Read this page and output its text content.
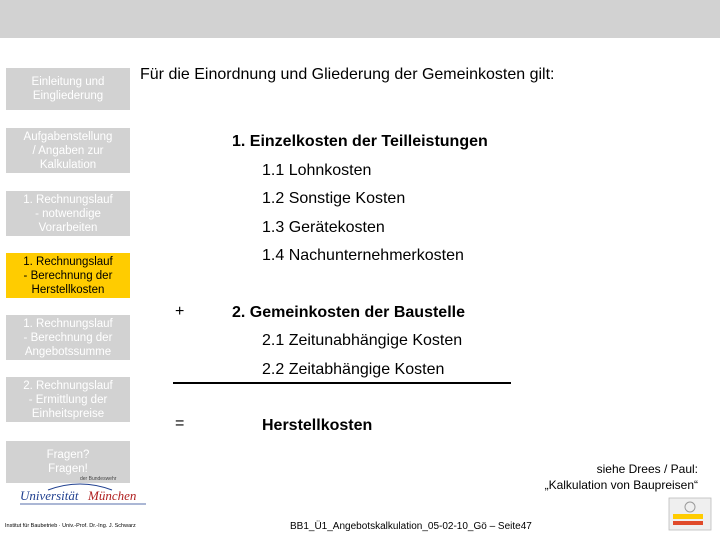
Einleitung und
Eingliederung
Aufgabenstellung
/ Angaben zur
Kalkulation
1. Rechnungslauf
- notwendige
Vorarbeiten
1. Rechnungslauf
- Berechnung der
Herstellkosten
1. Rechnungslauf
- Berechnung der
Angebotssumme
2. Rechnungslauf
- Ermittlung der
Einheitspreise
Fragen?
Fragen!
Für die Einordnung und Gliederung der Gemeinkosten gilt:
1. Einzelkosten der Teilleistungen
1.1 Lohnkosten
1.2 Sonstige Kosten
1.3 Gerätekosten
1.4 Nachunternehmerkosten
+	2. Gemeinkosten der Baustelle
2.1 Zeitunabhängige Kosten
2.2 Zeitabhängige Kosten
=	Herstellkosten
siehe Drees / Paul:
„Kalkulation von Baupreisen“
der Bundeswehr
Universität München
Institut für Baubetrieb · Univ.-Prof. Dr.-Ing. J. Schwarz	BB1_Ü1_Angebotskalkulation_05-02-10_Gö – Seite47
